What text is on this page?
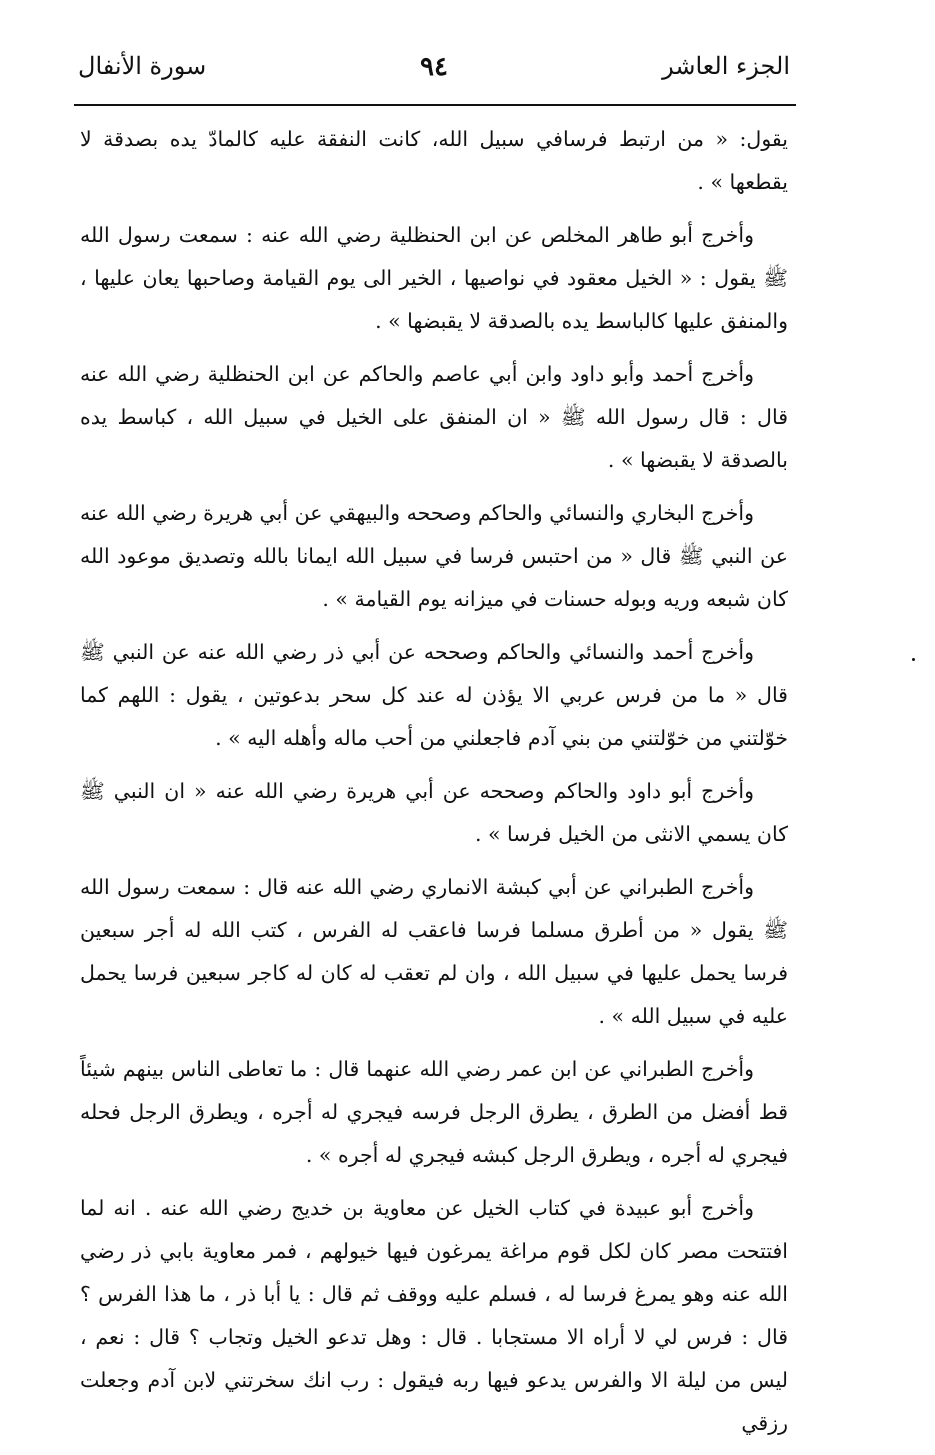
الجزء العاشر
٩٤
سورة الأنفال

يقول: « من ارتبط فرسافي سبيل الله، كانت النفقة عليه كالمادّ يده بصدقة لا يقطعها » .

وأخرج أبو طاهر المخلص عن ابن الحنظلية رضي الله عنه : سمعت رسول الله ﷺ يقول : « الخيل معقود في نواصيها ، الخير الى يوم القيامة وصاحبها يعان عليها ، والمنفق عليها كالباسط يده بالصدقة لا يقبضها » .

وأخرج أحمد وأبو داود وابن أبي عاصم والحاكم عن ابن الحنظلية رضي الله عنه قال : قال رسول الله ﷺ « ان المنفق على الخيل في سبيل الله ، كباسط يده بالصدقة لا يقبضها » .

وأخرج البخاري والنسائي والحاكم وصححه والبيهقي عن أبي هريرة رضي الله عنه عن النبي ﷺ قال « من احتبس فرسا في سبيل الله ايمانا بالله وتصديق موعود الله كان شبعه وريه وبوله حسنات في ميزانه يوم القيامة » .

وأخرج أحمد والنسائي والحاكم وصححه عن أبي ذر رضي الله عنه عن النبي ﷺ قال « ما من فرس عربي الا يؤذن له عند كل سحر بدعوتين ، يقول : اللهم كما خوّلتني من خوّلتني من بني آدم فاجعلني من أحب ماله وأهله اليه » .

وأخرج أبو داود والحاكم وصححه عن أبي هريرة رضي الله عنه « ان النبي ﷺ كان يسمي الانثى من الخيل فرسا » .

وأخرج الطبراني عن أبي كبشة الانماري رضي الله عنه قال : سمعت رسول الله ﷺ يقول « من أطرق مسلما فرسا فاعقب له الفرس ، كتب الله له أجر سبعين فرسا يحمل عليها في سبيل الله ، وان لم تعقب له كان له كاجر سبعين فرسا يحمل عليه في سبيل الله » .

وأخرج الطبراني عن ابن عمر رضي الله عنهما قال : ما تعاطى الناس بينهم شيئاً قط أفضل من الطرق ، يطرق الرجل فرسه فيجري له أجره ، ويطرق الرجل فحله فيجري له أجره ، ويطرق الرجل كبشه فيجري له أجره » .

وأخرج أبو عبيدة في كتاب الخيل عن معاوية بن خديج رضي الله عنه . انه لما افتتحت مصر كان لكل قوم مراغة يمرغون فيها خيولهم ، فمر معاوية بابي ذر رضي الله عنه وهو يمرغ فرسا له ، فسلم عليه ووقف ثم قال : يا أبا ذر ، ما هذا الفرس ؟ قال : فرس لي لا أراه الا مستجابا . قال : وهل تدعو الخيل وتجاب ؟ قال : نعم ، ليس من ليلة الا والفرس يدعو فيها ربه فيقول : رب انك سخرتني لابن آدم وجعلت رزقي
